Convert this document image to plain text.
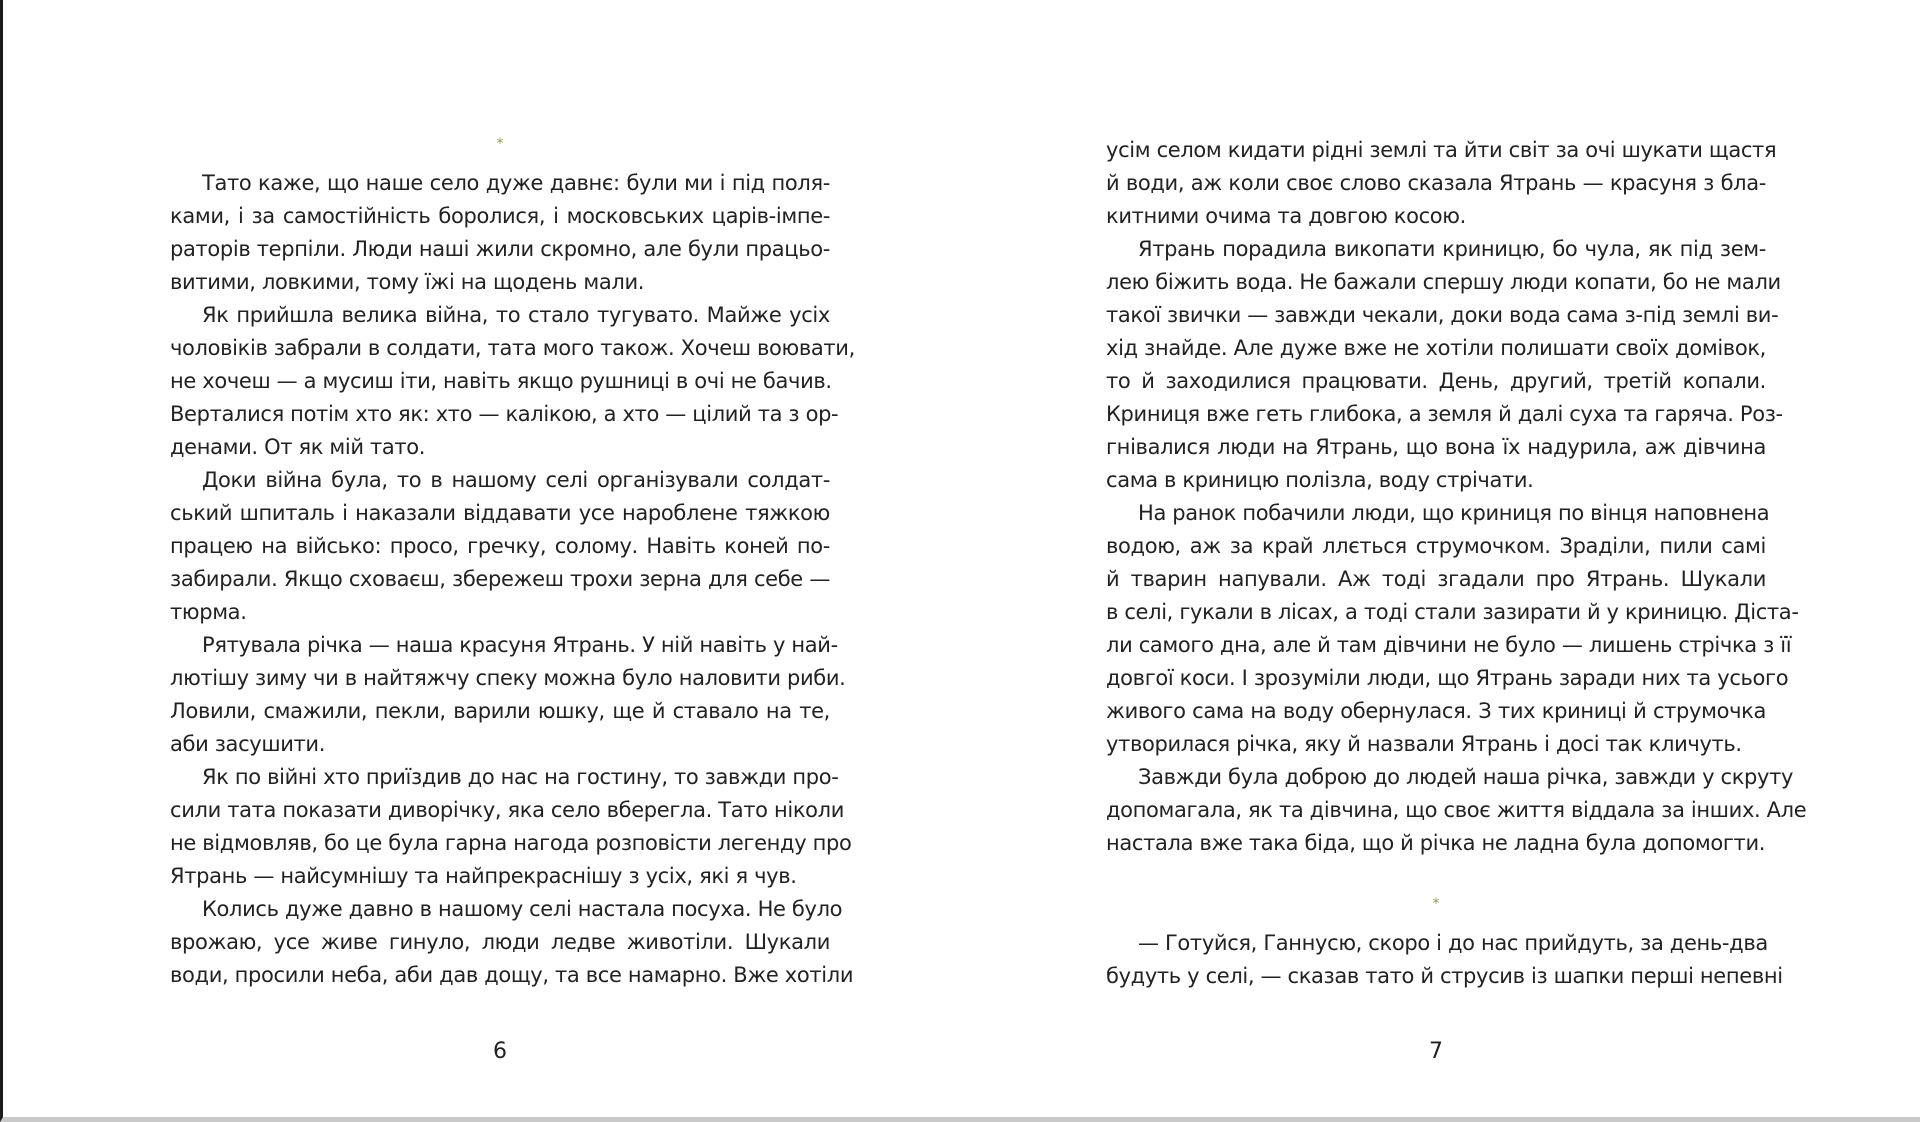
*

Тато каже, що наше село дуже давнє: були ми і під поля-
ками, і за самостійність боролися, і московських царів-імпе-
раторів терпіли. Люди наші жили скромно, але були працьо-
витими, ловкими, тому їжі на щодень мали.

Як прийшла велика війна, то стало тугувато. Майже усіх
чоловіків забрали в солдати, тата мого також. Хочеш воювати,
не хочеш — а мусиш іти, навіть якщо рушниці в очі не бачив.
Верталися потім хто як: хто — калікою, а хто — цілий та з ор-
денами. От як мій тато.

Доки війна була, то в нашому селі організували солдат-
ський шпиталь і наказали віддавати усе нароблене тяжкою
працею на військо: просо, гречку, солому. Навіть коней по-
забирали. Якщо сховаєш, збережеш трохи зерна для себе —
тюрма.

Рятувала річка — наша красуня Ятрань. У ній навіть у най-
лютішу зиму чи в найтяжчу спеку можна було наловити риби.
Ловили, смажили, пекли, варили юшку, ще й ставало на те,
аби засушити.

Як по війні хто приїздив до нас на гостину, то завжди про-
сили тата показати диворічку, яка село вберегла. Тато ніколи
не відмовляв, бо це була гарна нагода розповісти легенду про
Ятрань — найсумнішу та найпрекраснішу з усіх, які я чув.

Колись дуже давно в нашому селі настала посуха. Не було
врожаю, усе живе гинуло, люди ледве животіли. Шукали
води, просили неба, аби дав дощу, та все намарно. Вже хотіли

6

усім селом кидати рідні землі та йти світ за очі шукати щастя
й води, аж коли своє слово сказала Ятрань — красуня з бла-
китними очима та довгою косою.

Ятрань порадила викопати криницю, бо чула, як під зем-
лею біжить вода. Не бажали спершу люди копати, бо не мали
такої звички — завжди чекали, доки вода сама з-під землі ви-
хід знайде. Але дуже вже не хотіли полишати своїх домівок,
то й заходилися працювати. День, другий, третій копали.
Криниця вже геть глибока, а земля й далі суха та гаряча. Роз-
гнівалися люди на Ятрань, що вона їх надурила, аж дівчина
сама в криницю полізла, воду стрічати.

На ранок побачили люди, що криниця по вінця наповнена
водою, аж за край ллється струмочком. Зраділи, пили самі
й тварин напували. Аж тоді згадали про Ятрань. Шукали
в селі, гукали в лісах, а тоді стали зазирати й у криницю. Діста-
ли самого дна, але й там дівчини не було — лишень стрічка з її
довгої коси. І зрозуміли люди, що Ятрань заради них та усього
живого сама на воду обернулася. З тих криниці й струмочка
утворилася річка, яку й назвали Ятрань і досі так кличуть.

Завжди була доброю до людей наша річка, завжди у скруту
допомагала, як та дівчина, що своє життя віддала за інших. Але
настала вже така біда, що й річка не ладна була допомогти.

*

— Готуйся, Ганнусю, скоро і до нас прийдуть, за день-два
будуть у селі, — сказав тато й струсив із шапки перші непевні

7
